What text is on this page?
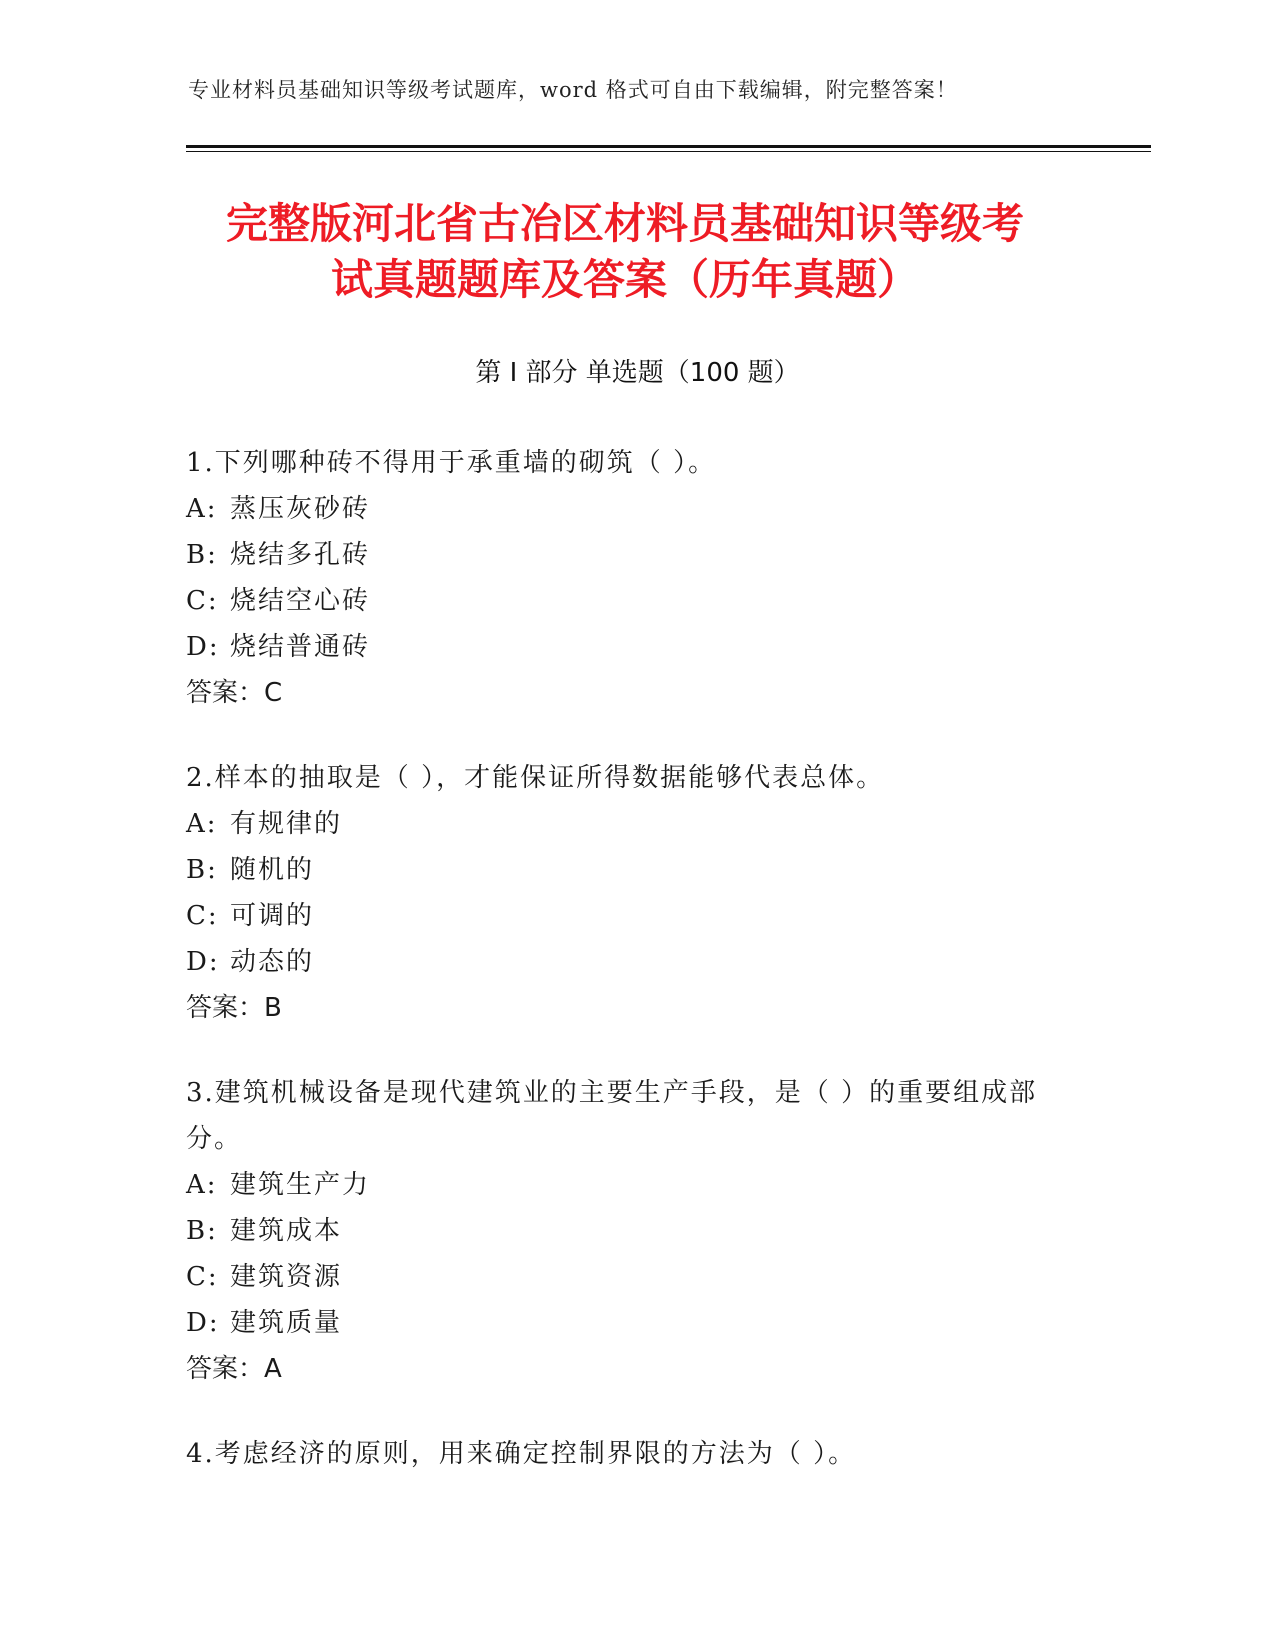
专业材料员基础知识等级考试题库，word 格式可自由下载编辑，附完整答案！
完整版河北省古冶区材料员基础知识等级考
试真题题库及答案（历年真题）
第 I 部分 单选题（100 题）
1.下列哪种砖不得用于承重墙的砌筑（ ）。
A: 蒸压灰砂砖
B: 烧结多孔砖
C: 烧结空心砖
D: 烧结普通砖
答案：C
2.样本的抽取是（ ），才能保证所得数据能够代表总体。
A: 有规律的
B: 随机的
C: 可调的
D: 动态的
答案：B
3.建筑机械设备是现代建筑业的主要生产手段，是（ ）的重要组成部分。
A: 建筑生产力
B: 建筑成本
C: 建筑资源
D: 建筑质量
答案：A
4.考虑经济的原则，用来确定控制界限的方法为（ ）。
